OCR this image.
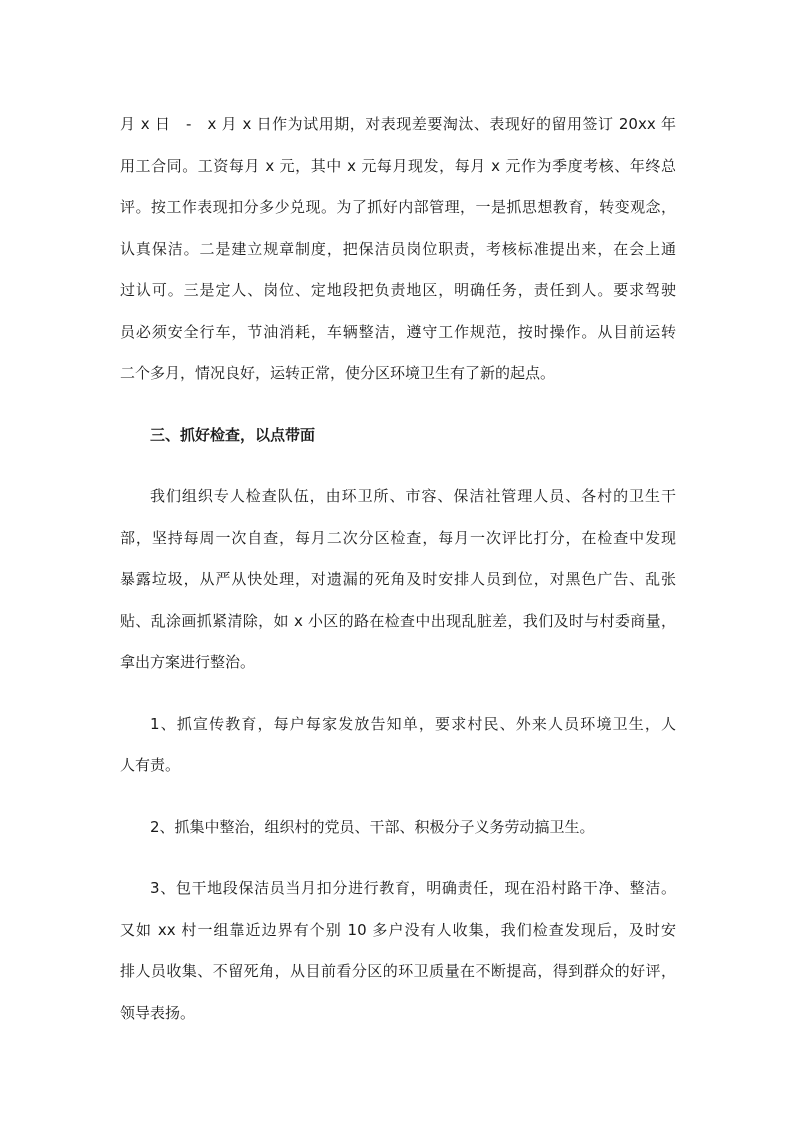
月 x 日　-　x 月 x 日作为试用期，对表现差要淘汰、表现好的留用签订 20xx 年
用工合同。工资每月 x 元，其中 x 元每月现发，每月 x 元作为季度考核、年终总
评。按工作表现扣分多少兑现。为了抓好内部管理，一是抓思想教育，转变观念，
认真保洁。二是建立规章制度，把保洁员岗位职责，考核标准提出来，在会上通
过认可。三是定人、岗位、定地段把负责地区，明确任务，责任到人。要求驾驶
员必须安全行车，节油消耗，车辆整洁，遵守工作规范，按时操作。从目前运转
二个多月，情况良好，运转正常，使分区环境卫生有了新的起点。

三、抓好检查，以点带面

我们组织专人检查队伍，由环卫所、市容、保洁社管理人员、各村的卫生干
部，坚持每周一次自查，每月二次分区检查，每月一次评比打分，在检查中发现
暴露垃圾，从严从快处理，对遗漏的死角及时安排人员到位，对黑色广告、乱张
贴、乱涂画抓紧清除，如 x 小区的路在检查中出现乱脏差，我们及时与村委商量，
拿出方案进行整治。

1、抓宣传教育，每户每家发放告知单，要求村民、外来人员环境卫生，人
人有责。

2、抓集中整治，组织村的党员、干部、积极分子义务劳动搞卫生。

3、包干地段保洁员当月扣分进行教育，明确责任，现在沿村路干净、整洁。
又如 xx 村一组靠近边界有个别 10 多户没有人收集，我们检查发现后，及时安
排人员收集、不留死角，从目前看分区的环卫质量在不断提高，得到群众的好评，
领导表扬。
